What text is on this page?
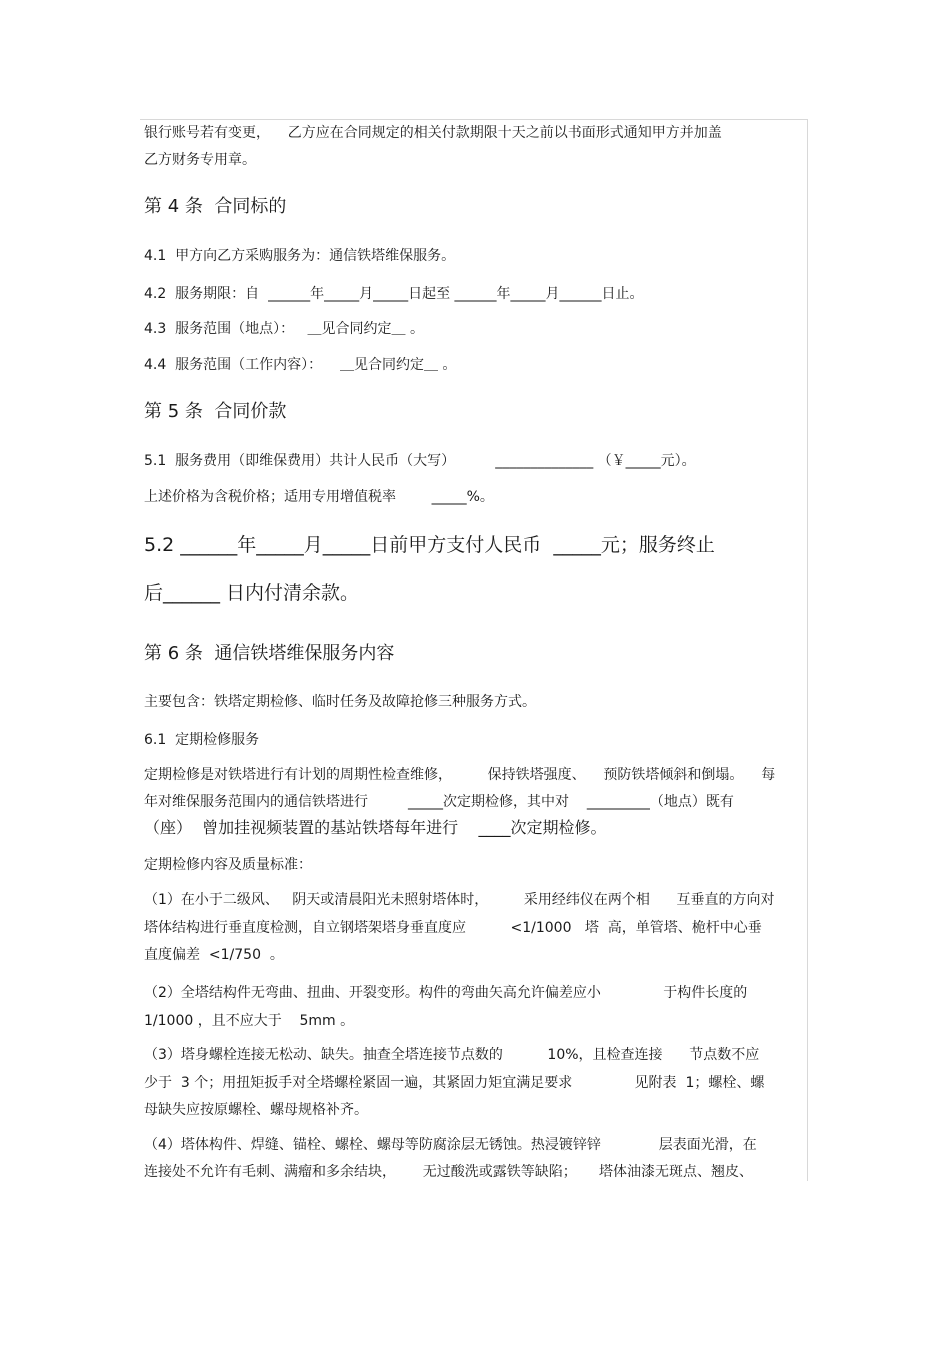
银行账号若有变更，    乙方应在合同规定的相关付款期限十天之前以书面形式通知甲方并加盖
乙方财务专用章。
第 4 条  合同标的
4.1  甲方向乙方采购服务为：通信铁塔维保服务。
4.2  服务期限：自  ______年_____月_____日起至 ______年_____月______日止。
4.3  服务范围（地点）：   ＿见合同约定＿ 。
4.4  服务范围（工作内容）：    ＿见合同约定＿ 。
第 5 条  合同价款
5.1  服务费用（即维保费用）共计人民币（大写）         ______________ （￥_____元）。
上述价格为含税价格；适用专用增值税率        _____%。
5.2 ______年_____月_____日前甲方支付人民币  _____元；服务终止
后______ 日内付清余款。
第 6 条  通信铁塔维保服务内容
主要包含：铁塔定期检修、临时任务及故障抢修三种服务方式。
6.1  定期检修服务
定期检修是对铁塔进行有计划的周期性检查维修，        保持铁塔强度、    预防铁塔倾斜和倒塌。    每
年对维保服务范围内的通信铁塔进行         _____次定期检修，其中对    _________（地点）既有
（座）  曾加挂视频装置的基站铁塔每年进行    ____次定期检修。
定期检修内容及质量标准：
（1）在小于二级风、   阴天或清晨阳光未照射塔体时，        采用经纬仪在两个相      互垂直的方向对
塔体结构进行垂直度检测，自立钢塔架塔身垂直度应          <1/1000   塔  高，单管塔、桅杆中心垂
直度偏差  <1/750  。
（2）全塔结构件无弯曲、扭曲、开裂变形。构件的弯曲矢高允许偏差应小              于构件长度的
1/1000 ，且不应大于    5mm 。
（3）塔身螺栓连接无松动、缺失。抽查全塔连接节点数的          10%，且检查连接      节点数不应
少于  3 个；用扭矩扳手对全塔螺栓紧固一遍，其紧固力矩宜满足要求              见附表  1；螺栓、螺
母缺失应按原螺栓、螺母规格补齐。
（4）塔体构件、焊缝、锚栓、螺栓、螺母等防腐涂层无锈蚀。热浸镀锌锌             层表面光滑，在
连接处不允许有毛刺、满瘤和多余结块，      无过酸洗或露铁等缺陷；     塔体油漆无斑点、翘皮、
